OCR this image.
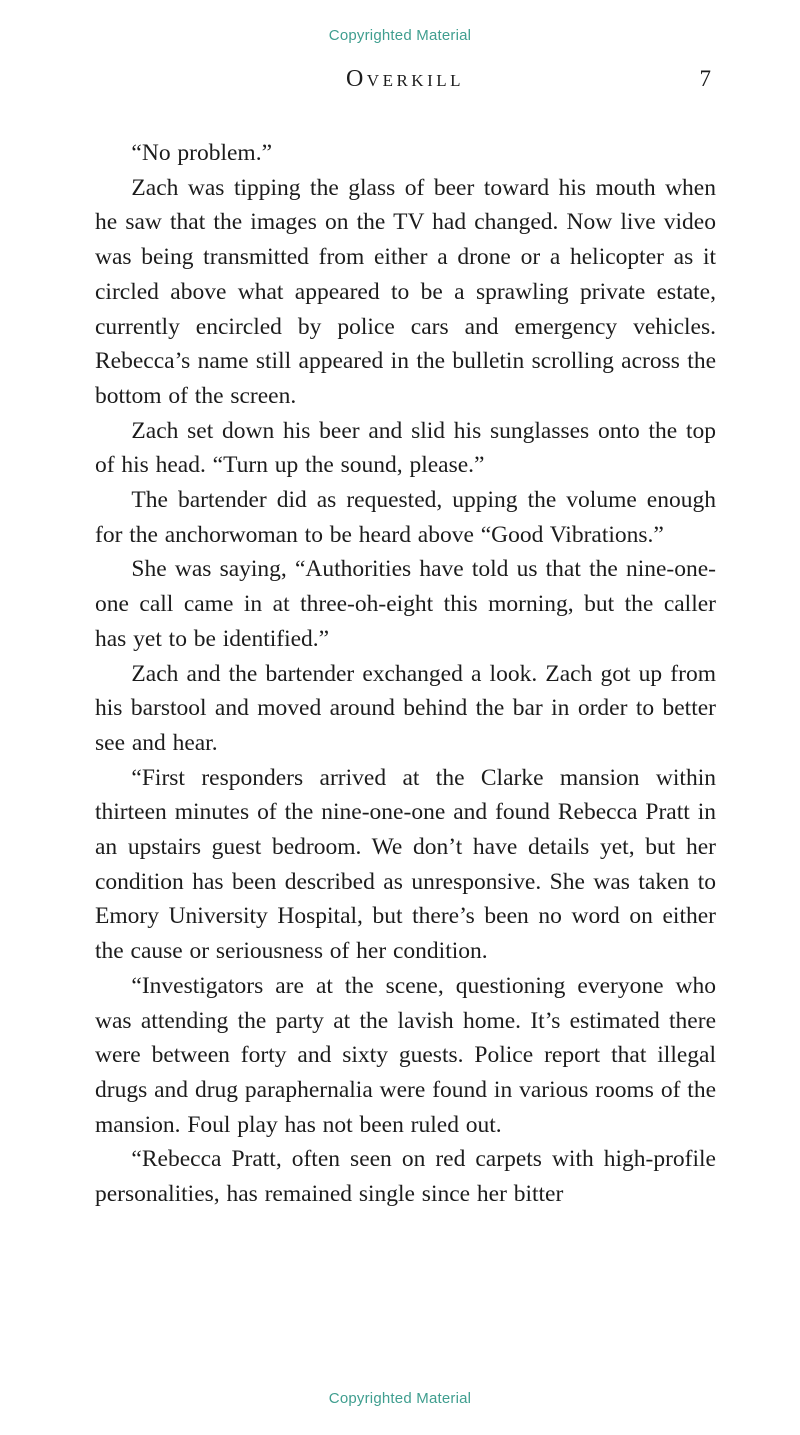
Copyrighted Material
Overkill	7

“No problem.”

Zach was tipping the glass of beer toward his mouth when he saw that the images on the TV had changed. Now live video was being transmitted from either a drone or a helicopter as it circled above what appeared to be a sprawling private estate, currently encircled by police cars and emergency vehicles. Rebecca’s name still appeared in the bulletin scrolling across the bottom of the screen.

Zach set down his beer and slid his sunglasses onto the top of his head. “Turn up the sound, please.”

The bartender did as requested, upping the volume enough for the anchorwoman to be heard above “Good Vibrations.”

She was saying, “Authorities have told us that the nine-one-one call came in at three-oh-eight this morning, but the caller has yet to be identified.”

Zach and the bartender exchanged a look. Zach got up from his barstool and moved around behind the bar in order to better see and hear.

“First responders arrived at the Clarke mansion within thirteen minutes of the nine-one-one and found Rebecca Pratt in an upstairs guest bedroom. We don’t have details yet, but her condition has been described as unresponsive. She was taken to Emory University Hospital, but there’s been no word on either the cause or seriousness of her condition.

“Investigators are at the scene, questioning everyone who was attending the party at the lavish home. It’s estimated there were between forty and sixty guests. Police report that illegal drugs and drug paraphernalia were found in various rooms of the mansion. Foul play has not been ruled out.

“Rebecca Pratt, often seen on red carpets with high-profile personalities, has remained single since her bitter

Copyrighted Material
